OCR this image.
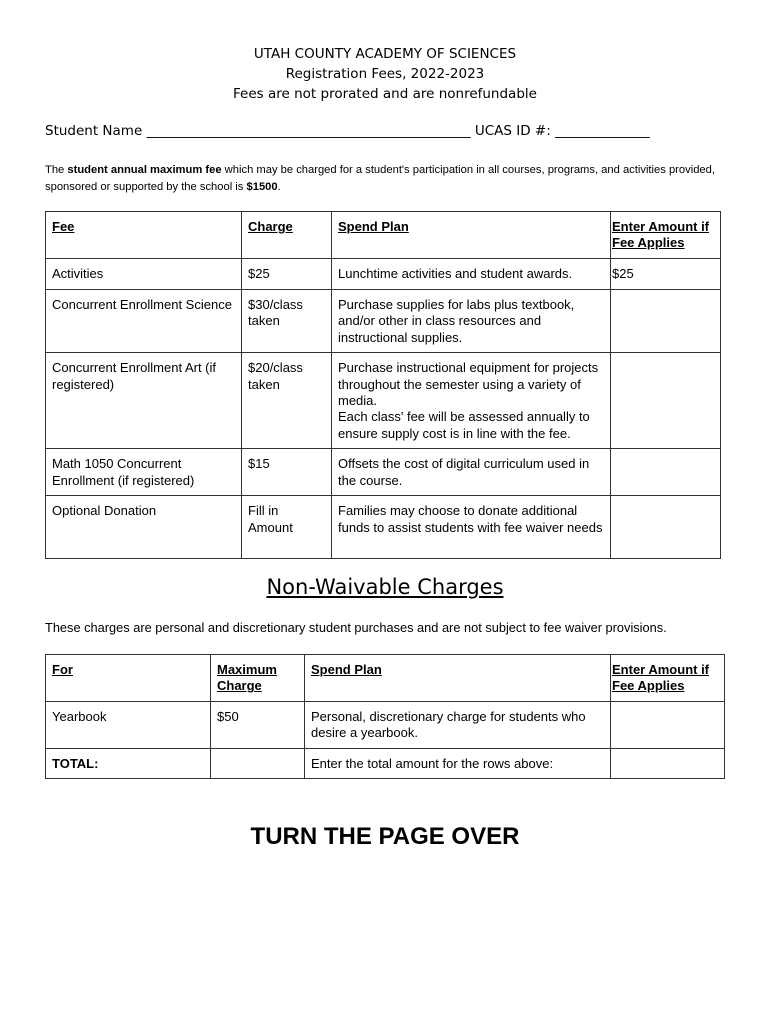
UTAH COUNTY ACADEMY OF SCIENCES
Registration Fees, 2022-2023
Fees are not prorated and are nonrefundable
Student Name ________________________________________________ UCAS ID #: ______________
The student annual maximum fee which may be charged for a student's participation in all courses, programs, and activities provided, sponsored or supported by the school is $1500.
Fee	Charge	Spend Plan	Enter Amount if Fee Applies
Activities	$25	Lunchtime activities and student awards.	$25
Concurrent Enrollment Science	$30/class taken	Purchase supplies for labs plus textbook, and/or other in class resources and instructional supplies.	
Concurrent Enrollment Art (if registered)	$20/class taken	Purchase instructional equipment for projects throughout the semester using a variety of media.
Each class' fee will be assessed annually to ensure supply cost is in line with the fee.	

Math 1050 Concurrent Enrollment (if registered)	$15	Offsets the cost of digital curriculum used in the course.	
Optional Donation	Fill in Amount	Families may choose to donate additional funds to assist students with fee waiver needs	
Non-Waivable Charges
These charges are personal and discretionary student purchases and are not subject to fee waiver provisions.
For	Maximum Charge	Spend Plan	Enter Amount if Fee Applies
Yearbook	$50	Personal, discretionary charge for students who desire a yearbook.	
TOTAL:		Enter the total amount for the rows above:	
TURN THE PAGE OVER
